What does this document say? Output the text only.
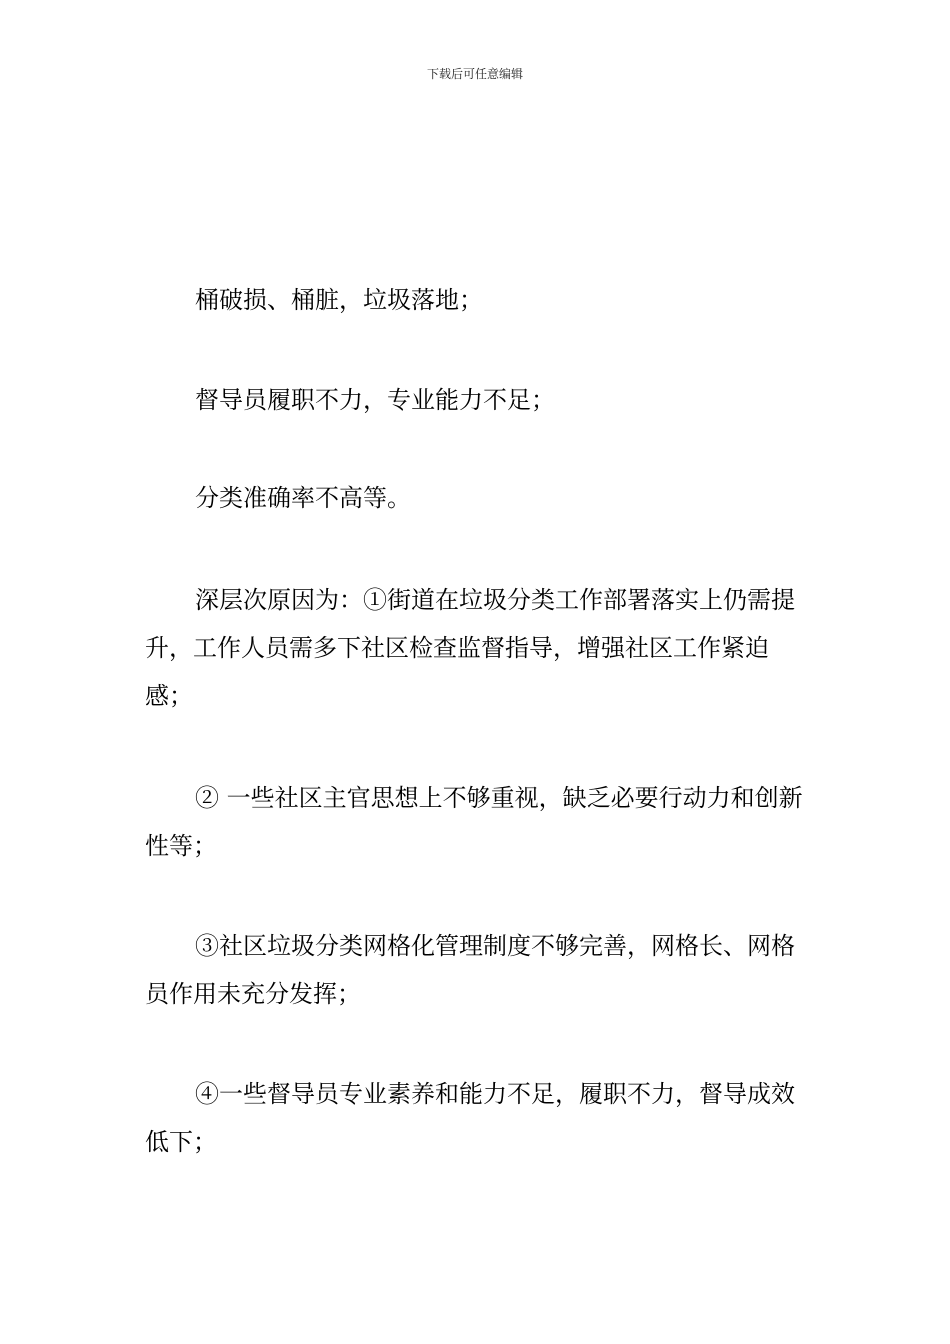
下载后可任意编辑

桶破损、桶脏，垃圾落地；

督导员履职不力，专业能力不足；

分类准确率不高等。

深层次原因为：①街道在垃圾分类工作部署落实上仍需提升，工作人员需多下社区检查监督指导，增强社区工作紧迫感；

② 一些社区主官思想上不够重视，缺乏必要行动力和创新性等；

③社区垃圾分类网格化管理制度不够完善，网格长、网格员作用未充分发挥；

④一些督导员专业素养和能力不足，履职不力，督导成效低下；
